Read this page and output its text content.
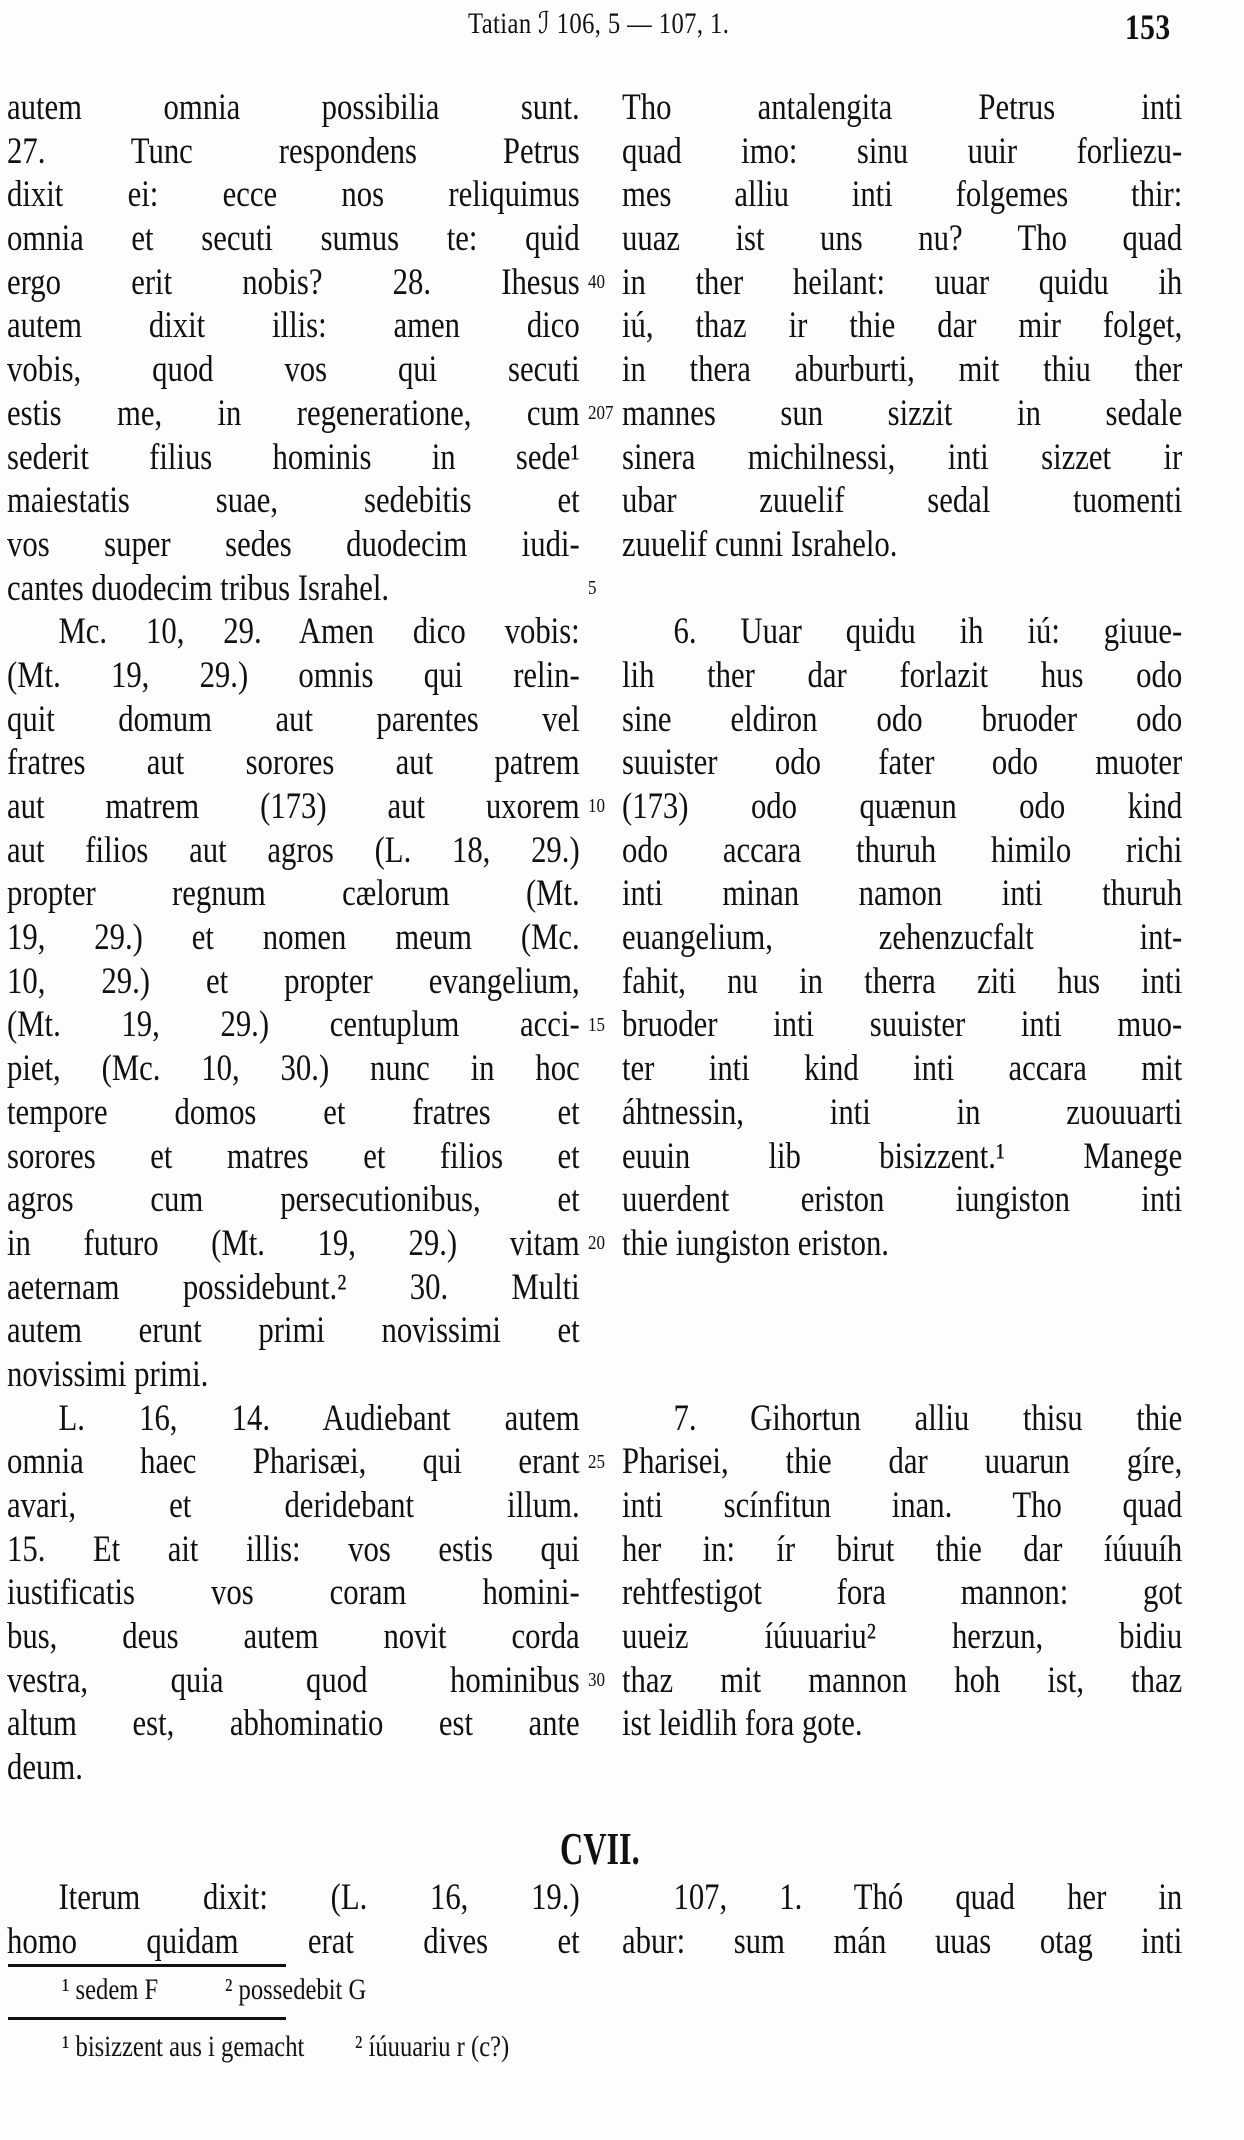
Tatian ℐ 106, 5 — 107, 1.	153
autem omnia possibilia sunt.
27. Tunc respondens Petrus
dixit ei: ecce nos reliquimus
omnia et secuti sumus te: quid
ergo erit nobis? 28. Ihesus
autem dixit illis: amen dico
vobis, quod vos qui secuti
estis me, in regeneratione, cum
sederit filius hominis in sede¹
maiestatis suae, sedebitis et
vos super sedes duodecim iudi-
cantes duodecim tribus Israhel.
Mc. 10, 29. Amen dico vobis:
(Mt. 19, 29.) omnis qui relin-
quit domum aut parentes vel
fratres aut sorores aut patrem
aut matrem (173) aut uxorem
aut filios aut agros (L. 18, 29.)
propter regnum cælorum (Mt.
19, 29.) et nomen meum (Mc.
10, 29.) et propter evangelium,
(Mt. 19, 29.) centuplum acci-
piet, (Mc. 10, 30.) nunc in hoc
tempore domos et fratres et
sorores et matres et filios et
agros cum persecutionibus, et
in futuro (Mt. 19, 29.) vitam
aeternam possidebunt.² 30. Multi
autem erunt primi novissimi et
novissimi primi.
L. 16, 14. Audiebant autem
omnia haec Pharisæi, qui erant
avari, et deridebant illum.
15. Et ait illis: vos estis qui
iustificatis vos coram homini-
bus, deus autem novit corda
vestra, quia quod hominibus
altum est, abhominatio est ante
deum.
Tho antalengita Petrus inti
quad imo: sinu uuir forliezu-
mes alliu inti folgemes thir:
uuaz ist uns nu? Tho quad
in ther heilant: uuar quidu ih
iú, thaz ir thie dar mir folget,
in thera aburburti, mit thiu ther
mannes sun sizzit in sedale
sinera michilnessi, inti sizzet ir
ubar zuuelif sedal tuomenti
zuuelif cunni Israhelo.
6. Uuar quidu ih iú: giuue-
lih ther dar forlazit hus odo
sine eldiron odo bruoder odo
suuister odo fater odo muoter
(173) odo quænun odo kind
odo accara thuruh himilo richi
inti minan namon inti thuruh
euangelium, zehenzucfalt int-
fahit, nu in therra ziti hus inti
bruoder inti suuister inti muo-
ter inti kind inti accara mit
áhtnessin, inti in zuouuarti
euuin lib bisizzent.¹ Manege
uuerdent eriston iungiston inti
thie iungiston eriston.
7. Gihortun alliu thisu thie
Pharisei, thie dar uuarun gíre,
inti scínfitun inan. Tho quad
her in: ír birut thie dar íúuuíh
rehtfestigot fora mannon: got
uueiz íúuuariu² herzun, bidiu
thaz mit mannon hoh ist, thaz
ist leidlih fora gote.
40
207
5
10
15
20
25
30
CVII.
Iterum dixit: (L. 16, 19.)
homo quidam erat dives et
107, 1. Thó quad her in
abur: sum mán uuas otag inti
¹ sedem F ² possedebit G
¹ bisizzent aus i gemacht ² íúuuariu r (c?)
